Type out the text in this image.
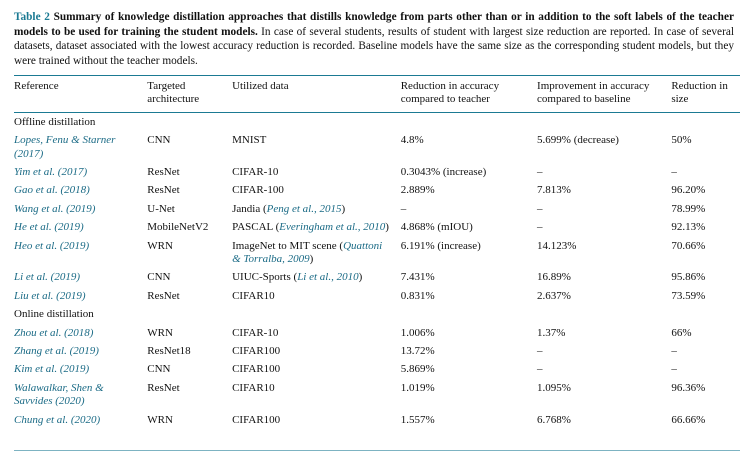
Table 2 Summary of knowledge distillation approaches that distills knowledge from parts other than or in addition to the soft labels of the teacher models to be used for training the student models. In case of several students, results of student with largest size reduction are reported. In case of several datasets, dataset associated with the lowest accuracy reduction is recorded. Baseline models have the same size as the corresponding student models, but they were trained without the teacher models.

Reference	Targeted architecture	Utilized data	Reduction in accuracy compared to teacher	Improvement in accuracy compared to baseline	Reduction in size
Offline distillation					
Lopes, Fenu & Starner (2017)	CNN	MNIST	4.8%	5.699% (decrease)	50%
Yim et al. (2017)	ResNet	CIFAR-10	0.3043% (increase)	–	–
Gao et al. (2018)	ResNet	CIFAR-100	2.889%	7.813%	96.20%
Wang et al. (2019)	U-Net	Jandia (Peng et al., 2015)	–	–	78.99%
He et al. (2019)	MobileNetV2	PASCAL (Everingham et al., 2010)	4.868% (mIOU)	–	92.13%
Heo et al. (2019)	WRN	ImageNet to MIT scene (Quattoni & Torralba, 2009)	6.191% (increase)	14.123%	70.66%
Li et al. (2019)	CNN	UIUC-Sports (Li et al., 2010)	7.431%	16.89%	95.86%
Liu et al. (2019)	ResNet	CIFAR10	0.831%	2.637%	73.59%
Online distillation					
Zhou et al. (2018)	WRN	CIFAR-10	1.006%	1.37%	66%
Zhang et al. (2019)	ResNet18	CIFAR100	13.72%	–	–
Kim et al. (2019)	CNN	CIFAR100	5.869%	–	–
Walawalkar, Shen & Savvides (2020)	ResNet	CIFAR10	1.019%	1.095%	96.36%
Chung et al. (2020)	WRN	CIFAR100	1.557%	6.768%	66.66%
